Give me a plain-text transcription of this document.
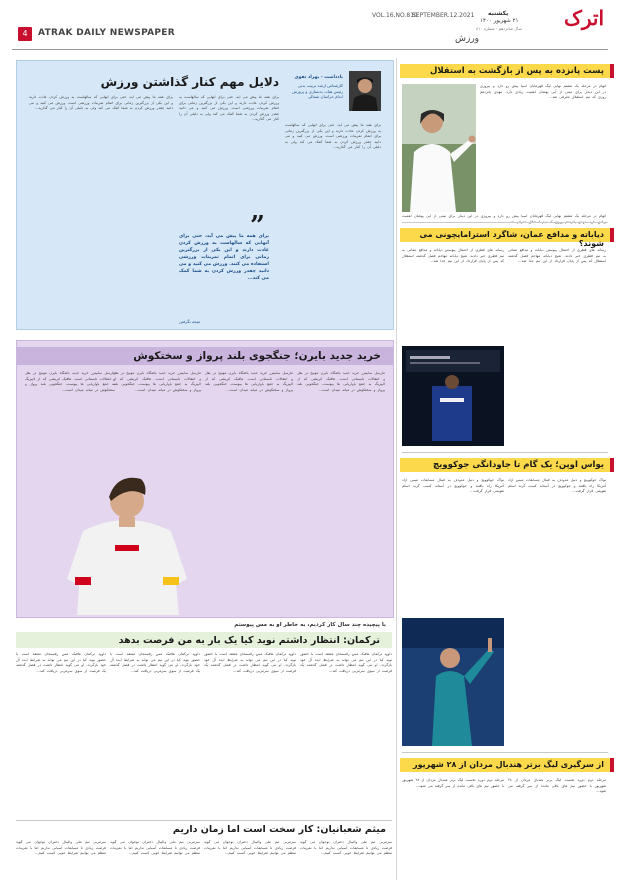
4	ATRAK DAILY NEWSPAPER
VOL.16,NO.810
SEPTEMBER.12.2021 یکشنبه
۲۱ شهریور ۱۴۰۰
سال شانزدهم - شماره ۸۱۰
ورزش
اترک
پست پانزده به پس از بازگشت به استقلال
اتهام در مرحله یک هشتم نهایی لیگ قهرمانان آسیا پیش رو دارد و پیروزی در این دیدار برای تیمی از آبی پوشان اهمیت زیادی دارد. مهدی پانزدهم روزی که تیم استقلال معرفی شد...
اتهام در مرحله یک هشتم نهایی لیگ قهرمانان آسیا پیش رو دارد و پیروزی در این دیدار برای تیمی از آبی پوشان اهمیت
دیاباته و مدافع عمان، شاگرد استرامایچونی می شوند؟
رسانه های قطری از احتمال پیوستن دیاباته و مدافع عمانی به تیم قطری خبر دادند. شیخ دیاباته مهاجم فصل گذشته استقلال که پس از پایان قرارداد از این تیم جدا شد...
رسانه های قطری از احتمال پیوستن دیاباته و مدافع عمانی به تیم قطری خبر دادند. شیخ دیاباته مهاجم فصل گذشته استقلال که پس از پایان قرارداد از این تیم جدا شد...
یواس اوپن؛ یک گام تا جاودانگی جوکوویچ
نواک جوکوویچ و دنیل مدودف به فینال مسابقات تنیس آزاد آمریکا راه یافتند و جوکوویچ در آستانه کسب گرند اسلم تقویمی قرار گرفت...
نواک جوکوویچ و دنیل مدودف به فینال مسابقات تنیس آزاد آمریکا راه یافتند و جوکوویچ در آستانه کسب گرند اسلم تقویمی قرار گرفت...
از سرگیری لیگ برتر هندبال مردان از ۲۸ شهریور
مرحله دوم دوره نخست لیگ برتر هندبال مردان از ۲۸ شهریور با حضور تیم های باقی مانده از سر گرفته می شود...
مرحله دوم دوره نخست لیگ برتر هندبال مردان از ۲۸ شهریور با حضور تیم های باقی مانده از سر گرفته می شود...
دلایل مهم کنار گذاشتن ورزش	یادداشت - بهزاد تقوی
کارشناس ارشد تربیت بدنی
رئیس هیات بدنسازی و پرورش اندام خراسان شمالی
برای همه ما پیش می آید، حتی برای آنهایی که سالهاست به ورزش کردن عادت دارند و این یکی از بزرگترین زمانی برای اتمام تمرینات ورزشی است. ورزش می کنید و می دانید چقدر ورزش کردن به شما کمک می کند ولی به دلیلی آن را کنار می گذارید...
برای همه ما پیش می آید، حتی برای آنهایی که سالهاست به ورزش کردن عادت دارند و این یکی از بزرگترین زمانی برای اتمام تمرینات ورزشی است. ورزش می کنید و می دانید چقدر ورزش کردن به شما کمک می کند ولی به دلیلی آن را کنار می گذارید...
برای همه ما پیش می آید، حتی برای آنهایی که سالهاست به ورزش کردن عادت دارند و این یکی از بزرگترین زمانی برای اتمام تمرینات ورزشی است. ورزش می کنید و می دانید چقدر ورزش کردن به شما کمک می کند ولی به دلیلی آن را کنار می گذارید...
”
برای همه ما پیش می آید، حتی برای آنهایی که سالهاست به ورزش کردن عادت دارند و این یکی از بزرگترین زمانی برای اتمام تمرینات ورزشی استفاده می کنند. ورزش می کنید و می دانید چقدر ورزش کردن به شما کمک می کند...
نتیجه نگرفتن
خرید جدید بایرن؛ جنگجوی بلند پرواز و سختکوش
مارسل سابیتزر خرید جدید باشگاه بایرن مونیخ در نقل و انتقالات تابستانی است. هافبک اتریشی که از لایپزیگ به جمع باواریایی ها پیوست، جنگجویی بلند پرواز و سختکوش در میانه میدان است...
مارسل سابیتزر خرید جدید باشگاه بایرن مونیخ در نقل و انتقالات تابستانی است. هافبک اتریشی که از لایپزیگ به جمع باواریایی ها پیوست، جنگجویی بلند پرواز و سختکوش در میانه میدان است...
مارسل سابیتزر خرید جدید باشگاه بایرن مونیخ در نقل و انتقالات تابستانی است. هافبک اتریشی که از لایپزیگ به جمع باواریایی ها پیوست، جنگجویی بلند پرواز و سختکوش در میانه میدان است...
مارسل سابیتزر خرید جدید باشگاه بایرن مونیخ در نقل و انتقالات تابستانی است. هافبک اتریشی که از لایپزیگ به جمع باواریایی ها پیوست، جنگجویی بلند پرواز و سختکوش در میانه میدان است...
با پیچیده چند سال کار کردیم، به خاطر او به مس پیوستم
ترکمان: انتظار داشتم نوید کیا یک بار به من فرصت بدهد
داوود ترکمان هافبک مس رفسنجان معتقد است با حضور نوید کیا در این تیم می تواند به شرایط ایده آل خود بازگردد. او می گوید انتظار داشت در فصل گذشته یک فرصت از سوی سرمربی دریافت کند...
داوود ترکمان هافبک مس رفسنجان معتقد است با حضور نوید کیا در این تیم می تواند به شرایط ایده آل خود بازگردد. او می گوید انتظار داشت در فصل گذشته یک فرصت از سوی سرمربی دریافت کند...
داوود ترکمان هافبک مس رفسنجان معتقد است با حضور نوید کیا در این تیم می تواند به شرایط ایده آل خود بازگردد. او می گوید انتظار داشت در فصل گذشته یک فرصت از سوی سرمربی دریافت کند...
داوود ترکمان هافبک مس رفسنجان معتقد است با حضور نوید کیا در این تیم می تواند به شرایط ایده آل خود بازگردد. او می گوید انتظار داشت در فصل گذشته یک فرصت از سوی سرمربی دریافت کند...
میثم شعبانیان: کار سخت است اما زمان داریم
سرمربی تیم ملی والیبال دختران نوجوان می گوید فرصت زیادی تا مسابقات آسیایی نداریم اما با تمرینات منظم می توانیم شرایط خوبی کسب کنیم...
سرمربی تیم ملی والیبال دختران نوجوان می گوید فرصت زیادی تا مسابقات آسیایی نداریم اما با تمرینات منظم می توانیم شرایط خوبی کسب کنیم...
سرمربی تیم ملی والیبال دختران نوجوان می گوید فرصت زیادی تا مسابقات آسیایی نداریم اما با تمرینات منظم می توانیم شرایط خوبی کسب کنیم...
سرمربی تیم ملی والیبال دختران نوجوان می گوید فرصت زیادی تا مسابقات آسیایی نداریم اما با تمرینات منظم می توانیم شرایط خوبی کسب کنیم...
